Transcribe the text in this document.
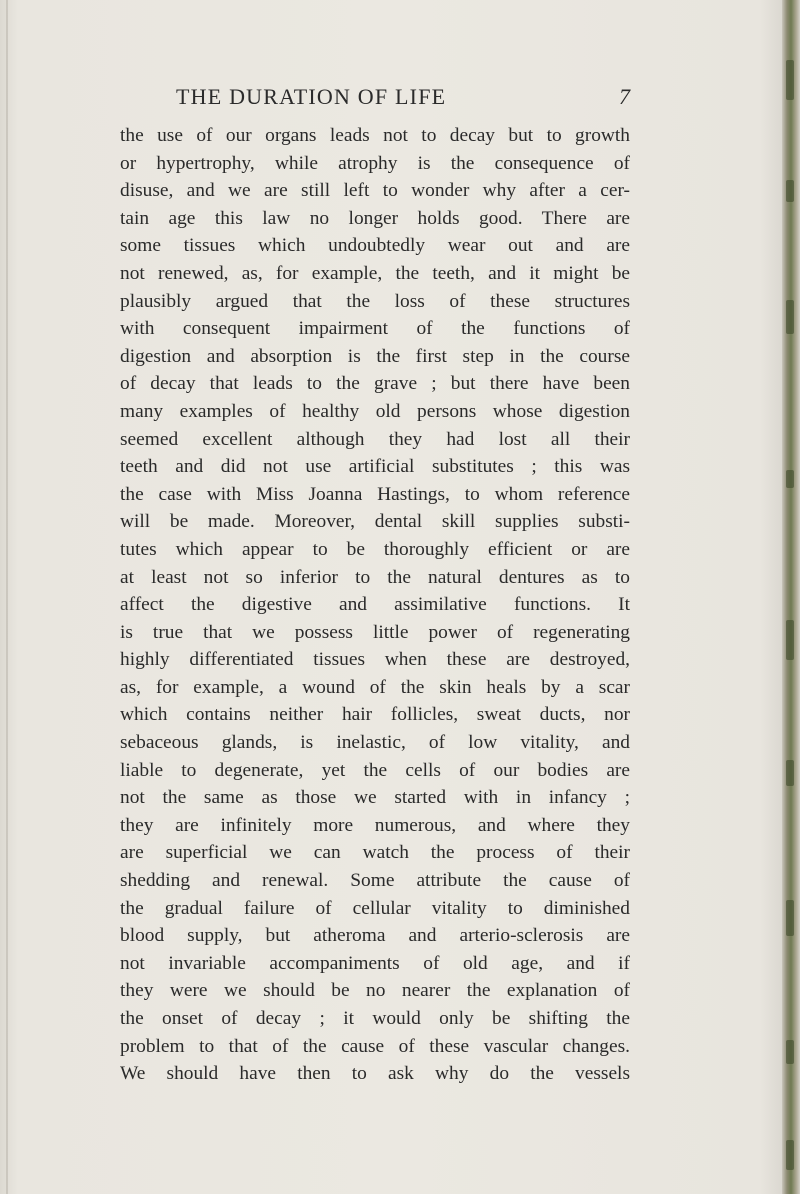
THE DURATION OF LIFE	7
the use of our organs leads not to decay but to growth
or hypertrophy, while atrophy is the consequence of
disuse, and we are still left to wonder why after a cer-
tain age this law no longer holds good. There are
some tissues which undoubtedly wear out and are
not renewed, as, for example, the teeth, and it might be
plausibly argued that the loss of these structures
with consequent impairment of the functions of
digestion and absorption is the first step in the course
of decay that leads to the grave ; but there have been
many examples of healthy old persons whose digestion
seemed excellent although they had lost all their
teeth and did not use artificial substitutes ; this was
the case with Miss Joanna Hastings, to whom reference
will be made. Moreover, dental skill supplies substi-
tutes which appear to be thoroughly efficient or are
at least not so inferior to the natural dentures as to
affect the digestive and assimilative functions. It
is true that we possess little power of regenerating
highly differentiated tissues when these are destroyed,
as, for example, a wound of the skin heals by a scar
which contains neither hair follicles, sweat ducts, nor
sebaceous glands, is inelastic, of low vitality, and
liable to degenerate, yet the cells of our bodies are
not the same as those we started with in infancy ;
they are infinitely more numerous, and where they
are superficial we can watch the process of their
shedding and renewal. Some attribute the cause of
the gradual failure of cellular vitality to diminished
blood supply, but atheroma and arterio-sclerosis are
not invariable accompaniments of old age, and if
they were we should be no nearer the explanation of
the onset of decay ; it would only be shifting the
problem to that of the cause of these vascular changes.
We should have then to ask why do the vessels
